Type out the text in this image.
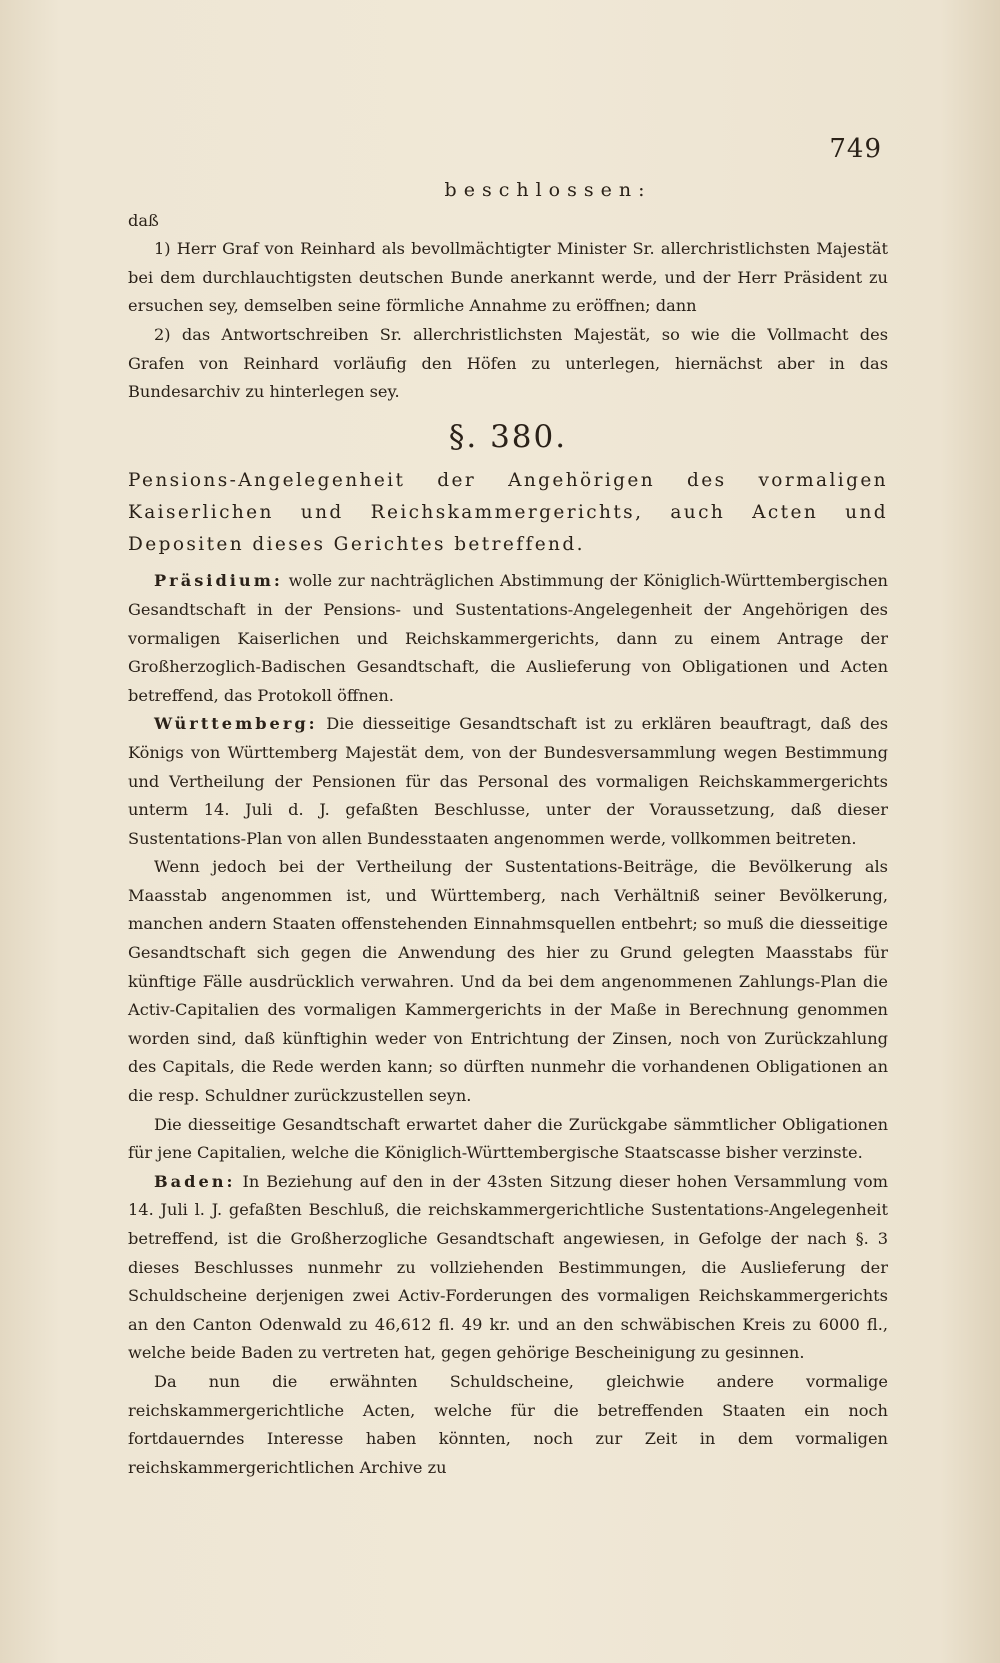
749
beschlossen:

daß

1) Herr Graf von Reinhard als bevollmächtigter Minister Sr. allerchristlichsten Majestät bei dem durchlauchtigsten deutschen Bunde anerkannt werde, und der Herr Präsident zu ersuchen sey, demselben seine förmliche Annahme zu eröffnen; dann

2) das Antwortschreiben Sr. allerchristlichsten Majestät, so wie die Vollmacht des Grafen von Reinhard vorläufig den Höfen zu unterlegen, hiernächst aber in das Bundesarchiv zu hinterlegen sey.

§. 380.
Pensions-Angelegenheit der Angehörigen des vormaligen Kaiserlichen und Reichskammergerichts, auch Acten und Depositen dieses Gerichtes betreffend.

Präsidium: wolle zur nachträglichen Abstimmung der Königlich-Württembergischen Gesandtschaft in der Pensions- und Sustentations-Angelegenheit der Angehörigen des vormaligen Kaiserlichen und Reichskammergerichts, dann zu einem Antrage der Großherzoglich-Badischen Gesandtschaft, die Auslieferung von Obligationen und Acten betreffend, das Protokoll öffnen.

Württemberg: Die diesseitige Gesandtschaft ist zu erklären beauftragt, daß des Königs von Württemberg Majestät dem, von der Bundesversammlung wegen Bestimmung und Vertheilung der Pensionen für das Personal des vormaligen Reichskammergerichts unterm 14. Juli d. J. gefaßten Beschlusse, unter der Voraussetzung, daß dieser Sustentations-Plan von allen Bundesstaaten angenommen werde, vollkommen beitreten.

Wenn jedoch bei der Vertheilung der Sustentations-Beiträge, die Bevölkerung als Maasstab angenommen ist, und Württemberg, nach Verhältniß seiner Bevölkerung, manchen andern Staaten offenstehenden Einnahmsquellen entbehrt; so muß die diesseitige Gesandtschaft sich gegen die Anwendung des hier zu Grund gelegten Maasstabs für künftige Fälle ausdrücklich verwahren. Und da bei dem angenommenen Zahlungs-Plan die Activ-Capitalien des vormaligen Kammergerichts in der Maße in Berechnung genommen worden sind, daß künftighin weder von Entrichtung der Zinsen, noch von Zurückzahlung des Capitals, die Rede werden kann; so dürften nunmehr die vorhandenen Obligationen an die resp. Schuldner zurückzustellen seyn.

Die diesseitige Gesandtschaft erwartet daher die Zurückgabe sämmtlicher Obligationen für jene Capitalien, welche die Königlich-Württembergische Staatscasse bisher verzinste.

Baden: In Beziehung auf den in der 43sten Sitzung dieser hohen Versammlung vom 14. Juli l. J. gefaßten Beschluß, die reichskammergerichtliche Sustentations-Angelegenheit betreffend, ist die Großherzogliche Gesandtschaft angewiesen, in Gefolge der nach §. 3 dieses Beschlusses nunmehr zu vollziehenden Bestimmungen, die Auslieferung der Schuldscheine derjenigen zwei Activ-Forderungen des vormaligen Reichskammergerichts an den Canton Odenwald zu 46,612 fl. 49 kr. und an den schwäbischen Kreis zu 6000 fl., welche beide Baden zu vertreten hat, gegen gehörige Bescheinigung zu gesinnen.

Da nun die erwähnten Schuldscheine, gleichwie andere vormalige reichskammergerichtliche Acten, welche für die betreffenden Staaten ein noch fortdauerndes Interesse haben könnten, noch zur Zeit in dem vormaligen reichskammergerichtlichen Archive zu
